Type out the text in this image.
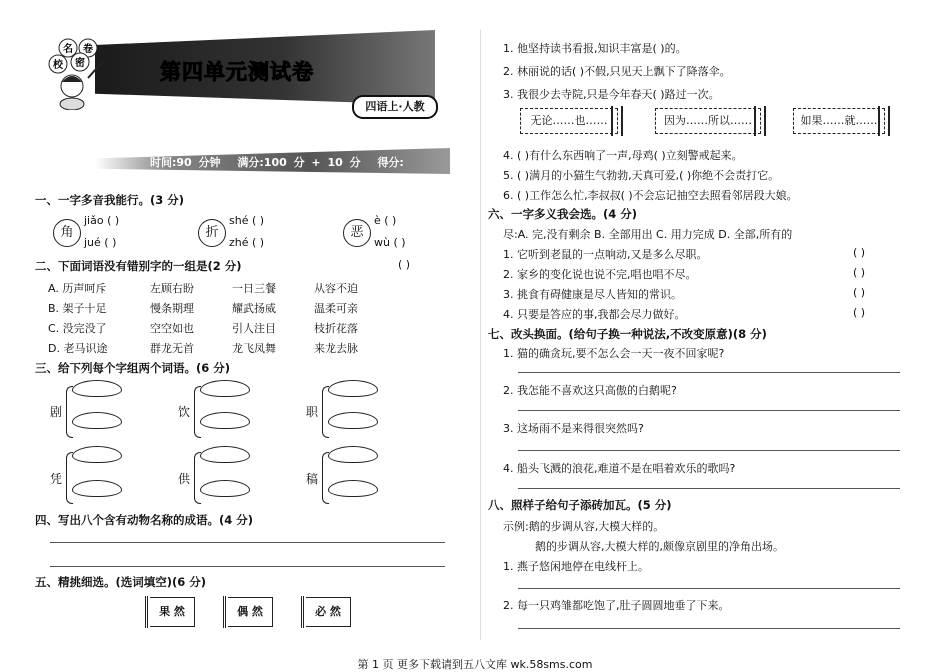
第四单元测试卷
名 卷
校 密
四语上·人教
时间:90 分钟 满分:100 分 + 10 分 得分:
一、一字多音我能行。(3 分)
角
jiǎo ( )
jué ( )
折
shé ( )
zhé ( )
恶
è ( )
wù ( )
二、下面词语没有错别字的一组是(2 分)	( )
A. 历声呵斥	左顾右盼	一日三餐	从容不迫
B. 架子十足	慢条期理	耀武扬威	温柔可亲
C. 没完没了	空空如也	引人注目	枝折花落
D. 老马识途	群龙无首	龙飞凤舞	来龙去脉
三、给下列每个字组两个词语。(6 分)
剧	饮	职
凭	供	稿
四、写出八个含有动物名称的成语。(4 分)
五、精挑细选。(选词填空)(6 分)
果 然	偶 然	必 然
1. 他坚持读书看报,知识丰富是( )的。
2. 林丽说的话( )不假,只见天上飘下了降落伞。
3. 我很少去寺院,只是今年春天( )路过一次。
无论……也……	因为……所以……	如果……就……
4. ( )有什么东西响了一声,母鸡( )立刻警戒起来。
5. ( )满月的小猫生气勃勃,天真可爱,( )你绝不会责打它。
6. ( )工作怎么忙,李叔叔( )不会忘记抽空去照看邻居段大娘。
六、一字多义我会选。(4 分)
尽:A. 完,没有剩余 B. 全部用出 C. 用力完成 D. 全部,所有的
1. 它听到老鼠的一点响动,又是多么尽职。	( )
2. 家乡的变化说也说不完,唱也唱不尽。	( )
3. 挑食有碍健康是尽人皆知的常识。	( )
4. 只要是答应的事,我都会尽力做好。	( )
七、改头换面。(给句子换一种说法,不改变原意)(8 分)
1. 猫的确贪玩,要不怎么会一天一夜不回家呢?
2. 我怎能不喜欢这只高傲的白鹅呢?
3. 这场雨不是来得很突然吗?
4. 船头飞溅的浪花,难道不是在唱着欢乐的歌吗?
八、照样子给句子添砖加瓦。(5 分)
示例:鹅的步调从容,大模大样的。
鹅的步调从容,大模大样的,颇像京剧里的净角出场。
1. 燕子悠闲地停在电线杆上。
2. 每一只鸡雏都吃饱了,肚子圆圆地垂了下来。
第 1 页 更多下载请到五八文库 wk.58sms.com
